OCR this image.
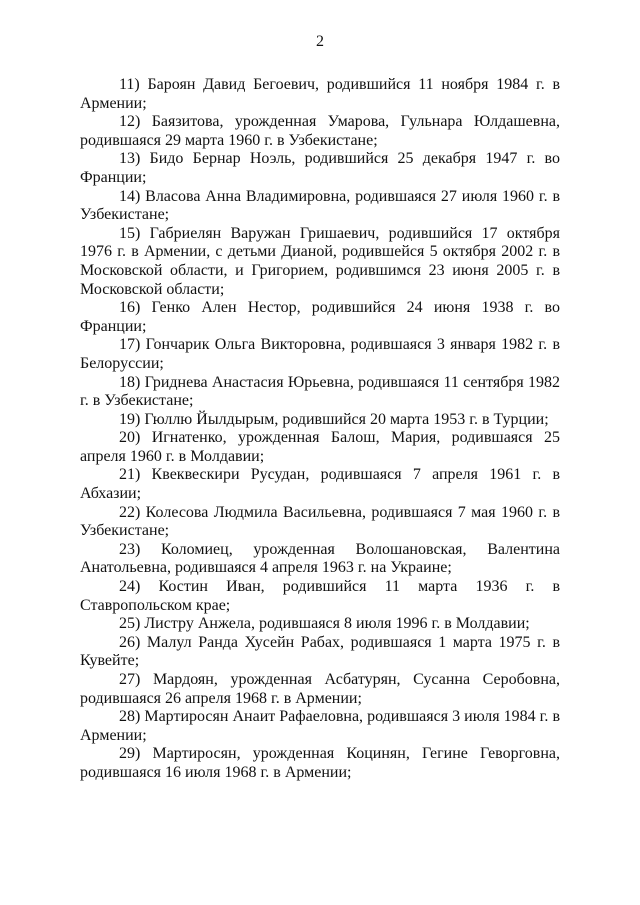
2

11) Бароян Давид Бегоевич, родившийся 11 ноября 1984 г. в Армении;

12) Баязитова, урожденная Умарова, Гульнара Юлдашевна, родившаяся 29 марта 1960 г. в Узбекистане;

13) Бидо Бернар Ноэль, родившийся 25 декабря 1947 г. во Франции;

14) Власова Анна Владимировна, родившаяся 27 июля 1960 г. в Узбекистане;

15) Габриелян Варужан Гришаевич, родившийся 17 октября 1976 г. в Армении, с детьми Дианой, родившейся 5 октября 2002 г. в Московской области, и Григорием, родившимся 23 июня 2005 г. в Московской области;

16) Генко Ален Нестор, родившийся 24 июня 1938 г. во Франции;

17) Гончарик Ольга Викторовна, родившаяся 3 января 1982 г. в Белоруссии;

18) Гриднева Анастасия Юрьевна, родившаяся 11 сентября 1982 г. в Узбекистане;

19) Гюллю Йылдырым, родившийся 20 марта 1953 г. в Турции;

20) Игнатенко, урожденная Балош, Мария, родившаяся 25 апреля 1960 г. в Молдавии;

21) Квеквескири Русудан, родившаяся 7 апреля 1961 г. в Абхазии;

22) Колесова Людмила Васильевна, родившаяся 7 мая 1960 г. в Узбекистане;

23) Коломиец, урожденная Волошановская, Валентина Анатольевна, родившаяся 4 апреля 1963 г. на Украине;

24) Костин Иван, родившийся 11 марта 1936 г. в Ставропольском крае;

25) Листру Анжела, родившаяся 8 июля 1996 г. в Молдавии;

26) Малул Ранда Хусейн Рабах, родившаяся 1 марта 1975 г. в Кувейте;

27) Мардоян, урожденная Асбатурян, Сусанна Серобовна, родившаяся 26 апреля 1968 г. в Армении;

28) Мартиросян Анаит Рафаеловна, родившаяся 3 июля 1984 г. в Армении;

29) Мартиросян, урожденная Коцинян, Гегине Геворговна, родившаяся 16 июля 1968 г. в Армении;
